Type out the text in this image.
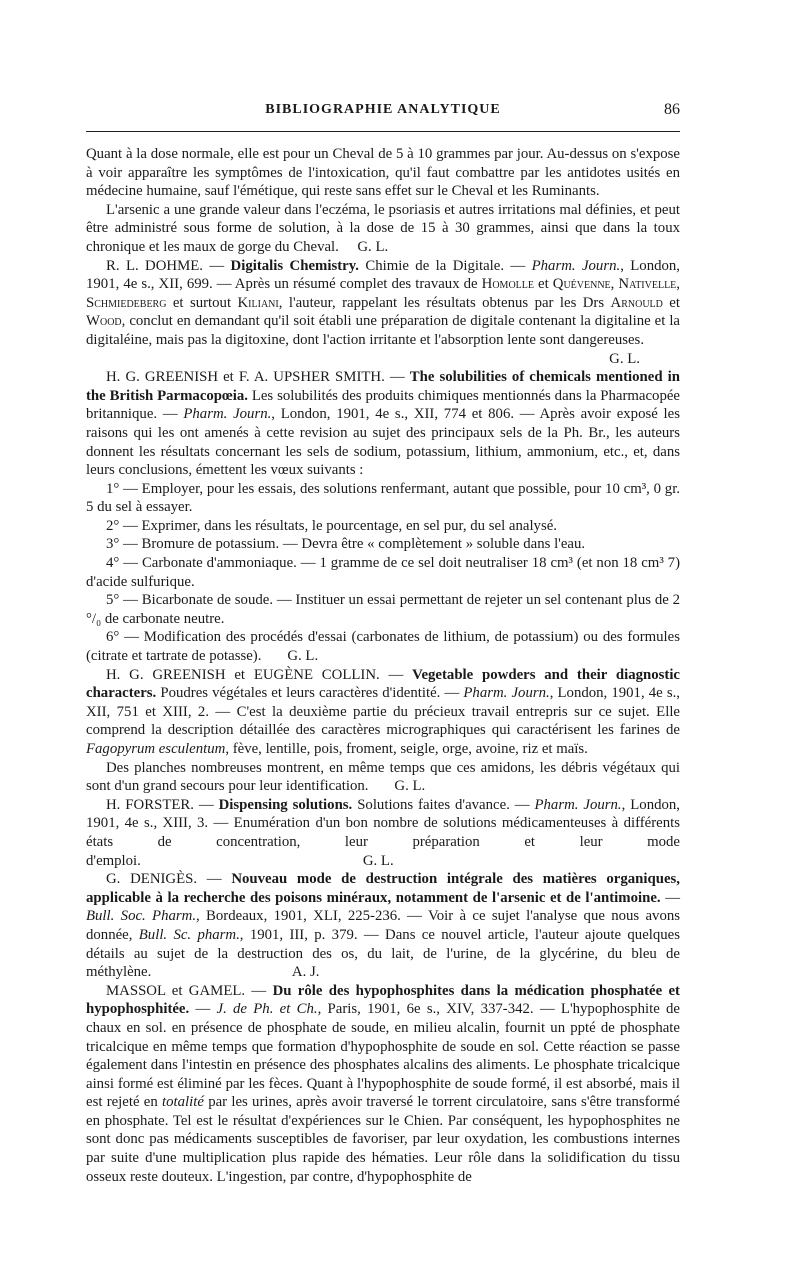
BIBLIOGRAPHIE ANALYTIQUE	86

Quant à la dose normale, elle est pour un Cheval de 5 à 10 grammes par jour. Au-dessus on s'expose à voir apparaître les symptômes de l'intoxication, qu'il faut combattre par les antidotes usités en médecine humaine, sauf l'émétique, qui reste sans effet sur le Cheval et les Ruminants.

L'arsenic a une grande valeur dans l'eczéma, le psoriasis et autres irritations mal définies, et peut être administré sous forme de solution, à la dose de 15 à 30 grammes, ainsi que dans la toux chronique et les maux de gorge du Cheval. G. L.

R. L. DOHME. — Digitalis Chemistry. Chimie de la Digitale. — Pharm. Journ., London, 1901, 4e s., XII, 699. — Après un résumé complet des travaux de Homolle et Quévenne, Nativelle, Schmiedeberg et surtout Kiliani, l'auteur, rappelant les résultats obtenus par les Drs Arnould et Wood, conclut en demandant qu'il soit établi une préparation de digitale contenant la digitaline et la digitaléine, mais pas la digitoxine, dont l'action irritante et l'absorption lente sont dangereuses.

G. L.

H. G. GREENISH et F. A. UPSHER SMITH. — The solubilities of chemicals mentioned in the British Parmacopœia. Les solubilités des produits chimiques mentionnés dans la Pharmacopée britannique. — Pharm. Journ., London, 1901, 4e s., XII, 774 et 806. — Après avoir exposé les raisons qui les ont amenés à cette revision au sujet des principaux sels de la Ph. Br., les auteurs donnent les résultats concernant les sels de sodium, potassium, lithium, ammonium, etc., et, dans leurs conclusions, émettent les vœux suivants :

1° — Employer, pour les essais, des solutions renfermant, autant que possible, pour 10 cm³, 0 gr. 5 du sel à essayer.

2° — Exprimer, dans les résultats, le pourcentage, en sel pur, du sel analysé.

3° — Bromure de potassium. — Devra être « complètement » soluble dans l'eau.

4° — Carbonate d'ammoniaque. — 1 gramme de ce sel doit neutraliser 18 cm³ (et non 18 cm³ 7) d'acide sulfurique.

5° — Bicarbonate de soude. — Instituer un essai permettant de rejeter un sel contenant plus de 2 °/₀ de carbonate neutre.

6° — Modification des procédés d'essai (carbonates de lithium, de potassium) ou des formules (citrate et tartrate de potasse). G. L.

H. G. GREENISH et EUGÈNE COLLIN. — Vegetable powders and their diagnostic characters. Poudres végétales et leurs caractères d'identité. — Pharm. Journ., London, 1901, 4e s., XII, 751 et XIII, 2. — C'est la deuxième partie du précieux travail entrepris sur ce sujet. Elle comprend la description détaillée des caractères micrographiques qui caractérisent les farines de Fagopyrum esculentum, fève, lentille, pois, froment, seigle, orge, avoine, riz et maïs.

Des planches nombreuses montrent, en même temps que ces amidons, les débris végétaux qui sont d'un grand secours pour leur identification. G. L.

H. FORSTER. — Dispensing solutions. Solutions faites d'avance. — Pharm. Journ., London, 1901, 4e s., XIII, 3. — Enumération d'un bon nombre de solutions médicamenteuses à différents états de concentration, leur préparation et leur mode d'emploi.	G. L.

G. DENIGÈS. — Nouveau mode de destruction intégrale des matières organiques, applicable à la recherche des poisons minéraux, notamment de l'arsenic et de l'antimoine. — Bull. Soc. Pharm., Bordeaux, 1901, XLI, 225-236. — Voir à ce sujet l'analyse que nous avons donnée, Bull. Sc. pharm., 1901, III, p. 379. — Dans ce nouvel article, l'auteur ajoute quelques détails au sujet de la destruction des os, du lait, de l'urine, de la glycérine, du bleu de méthylène.	A. J.

MASSOL et GAMEL. — Du rôle des hypophosphites dans la médication phosphatée et hypophosphitée. — J. de Ph. et Ch., Paris, 1901, 6e s., XIV, 337-342. — L'hypophosphite de chaux en sol. en présence de phosphate de soude, en milieu alcalin, fournit un ppté de phosphate tricalcique en même temps que formation d'hypophosphite de soude en sol. Cette réaction se passe également dans l'intestin en présence des phosphates alcalins des aliments. Le phosphate tricalcique ainsi formé est éliminé par les fèces. Quant à l'hypophosphite de soude formé, il est absorbé, mais il est rejeté en totalité par les urines, après avoir traversé le torrent circulatoire, sans s'être transformé en phosphate. Tel est le résultat d'expériences sur le Chien. Par conséquent, les hypophosphites ne sont donc pas médicaments susceptibles de favoriser, par leur oxydation, les combustions internes par suite d'une multiplication plus rapide des hématies. Leur rôle dans la solidification du tissu osseux reste douteux. L'ingestion, par contre, d'hypophosphite de
